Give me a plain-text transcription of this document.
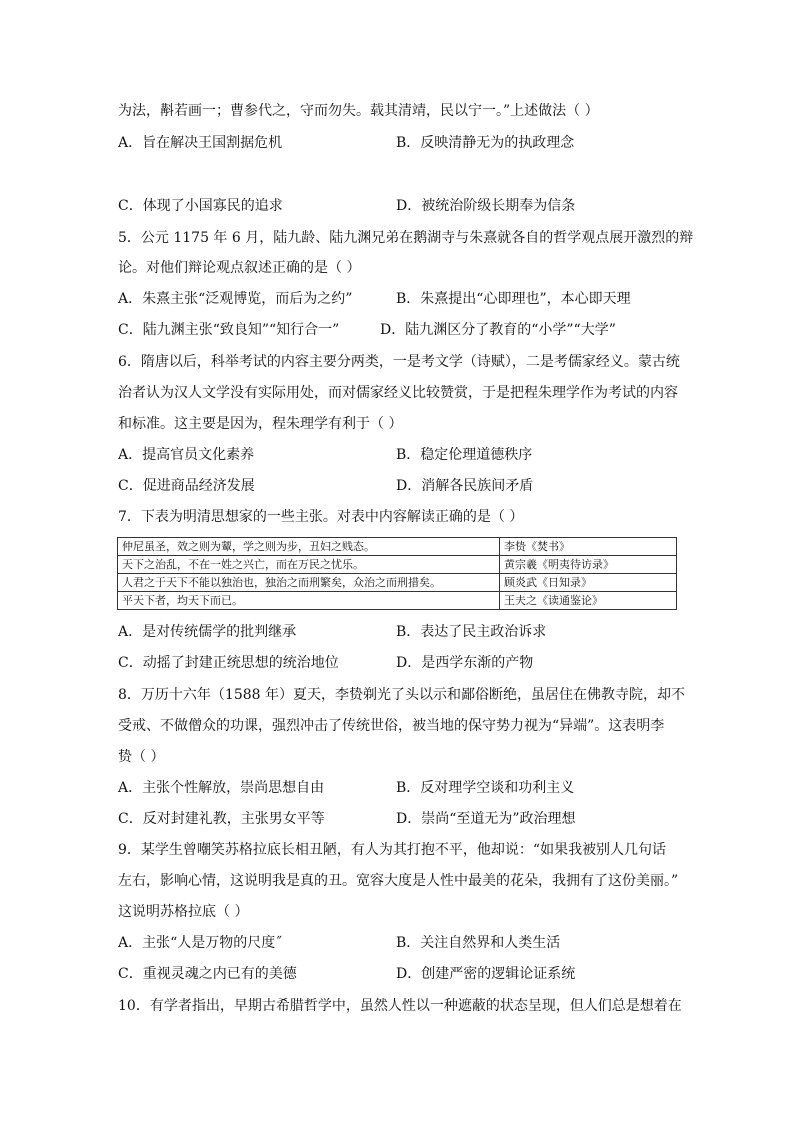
为法，斠若画一；曹参代之，守而勿失。载其清靖，民以宁一。”上述做法（ ）
A．旨在解决王国割据危机	B．反映清静无为的执政理念
C．体现了小国寡民的追求	D．被统治阶级长期奉为信条
5．公元 1175 年 6 月，陆九龄、陆九渊兄弟在鹅湖寺与朱熹就各自的哲学观点展开激烈的辩
论。对他们辩论观点叙述正确的是（ ）
A．朱熹主张“泛观博览，而后为之约”	B．朱熹提出“心即理也”，本心即天理
C．陆九渊主张“致良知”“知行合一”	D．陆九渊区分了教育的“小学”“大学”
6．隋唐以后，科举考试的内容主要分两类，一是考文学（诗赋），二是考儒家经义。蒙古统
治者认为汉人文学没有实际用处，而对儒家经义比较赞赏，于是把程朱理学作为考试的内容
和标准。这主要是因为，程朱理学有利于（ ）
A．提高官员文化素养	B．稳定伦理道德秩序
C．促进商品经济发展	D．消解各民族间矛盾
7．下表为明清思想家的一些主张。对表中内容解读正确的是（ ）
仲尼虽圣，效之则为颦，学之则为步，丑妇之贱态。	李贽《焚书》
天下之治乱，不在一姓之兴亡，而在万民之忧乐。	黄宗羲《明夷待访录》
人君之于天下不能以独治也，独治之而刑繁矣，众治之而刑措矣。	顾炎武《日知录》
平天下者，均天下而已。	王夫之《读通鉴论》
A．是对传统儒学的批判继承	B．表达了民主政治诉求
C．动摇了封建正统思想的统治地位	D．是西学东渐的产物
8．万历十六年（1588 年）夏天，李贽剃光了头以示和鄙俗断绝，虽居住在佛教寺院，却不
受戒、不做僧众的功课，强烈冲击了传统世俗，被当地的保守势力视为“异端”。这表明李
贽（ ）
A．主张个性解放，崇尚思想自由	B．反对理学空谈和功利主义
C．反对封建礼教，主张男女平等	D．崇尚“至道无为”政治理想
9．某学生曾嘲笑苏格拉底长相丑陋，有人为其打抱不平，他却说：“如果我被别人几句话
左右，影响心情，这说明我是真的丑。宽容大度是人性中最美的花朵，我拥有了这份美丽。”
这说明苏格拉底（ ）
A．主张“人是万物的尺度˝	B．关注自然界和人类生活
C．重视灵魂之内已有的美德	D．创建严密的逻辑论证系统
10．有学者指出，早期古希腊哲学中，虽然人性以一种遮蔽的状态呈现，但人们总是想着在
